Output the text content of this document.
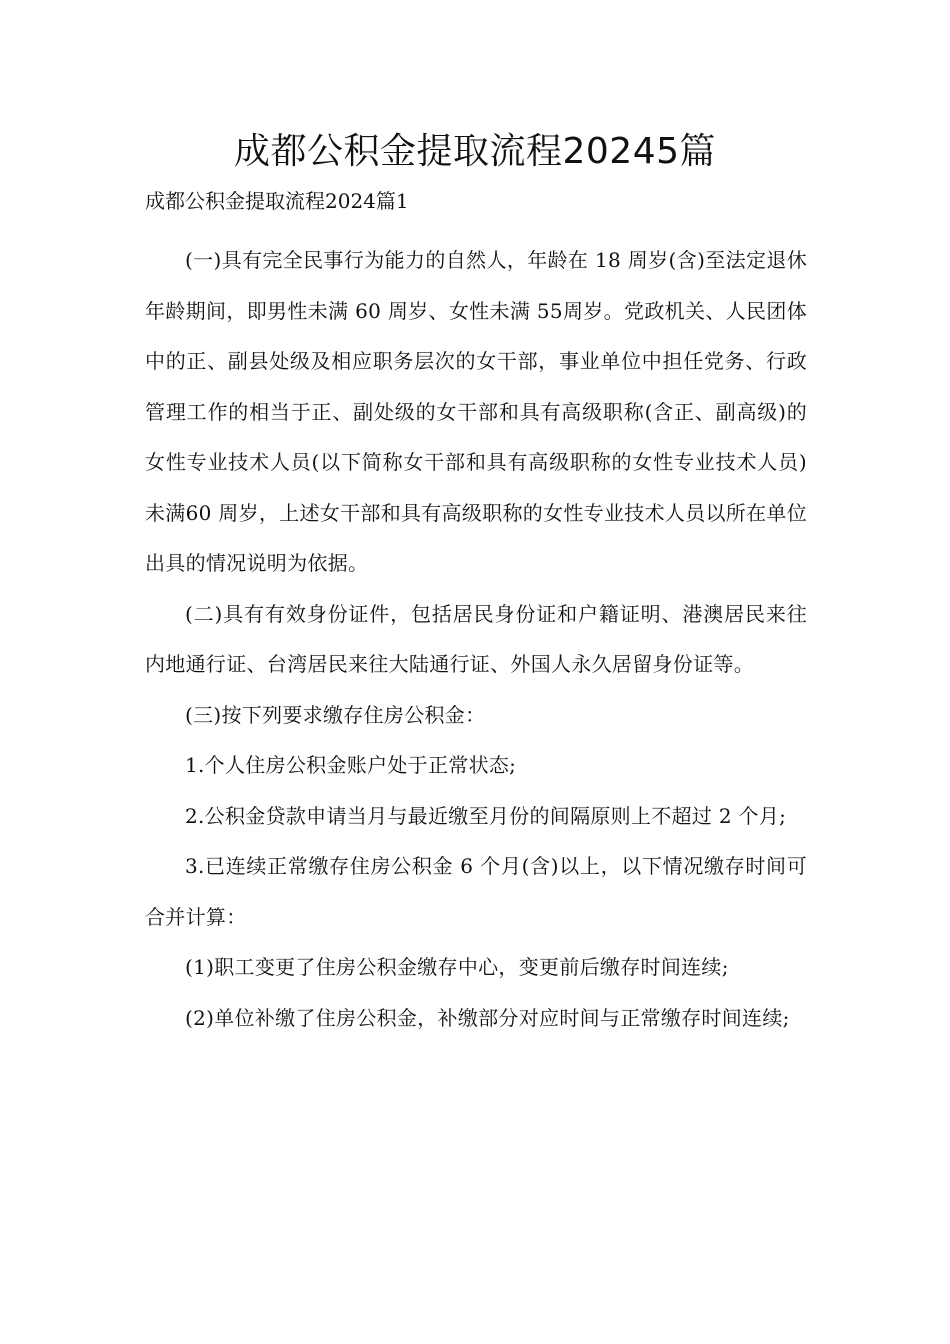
成都公积金提取流程20245篇
成都公积金提取流程2024篇1

(一)具有完全民事行为能力的自然人，年龄在 18 周岁(含)至法定退休年龄期间，即男性未满 60 周岁、女性未满 55周岁。党政机关、人民团体中的正、副县处级及相应职务层次的女干部，事业单位中担任党务、行政管理工作的相当于正、副处级的女干部和具有高级职称(含正、副高级)的女性专业技术人员(以下简称女干部和具有高级职称的女性专业技术人员)未满60 周岁，上述女干部和具有高级职称的女性专业技术人员以所在单位出具的情况说明为依据。

(二)具有有效身份证件，包括居民身份证和户籍证明、港澳居民来往内地通行证、台湾居民来往大陆通行证、外国人永久居留身份证等。

(三)按下列要求缴存住房公积金：

1.个人住房公积金账户处于正常状态;

2.公积金贷款申请当月与最近缴至月份的间隔原则上不超过 2 个月;

3.已连续正常缴存住房公积金 6 个月(含)以上，以下情况缴存时间可合并计算：

(1)职工变更了住房公积金缴存中心，变更前后缴存时间连续;

(2)单位补缴了住房公积金，补缴部分对应时间与正常缴存时间连续;
